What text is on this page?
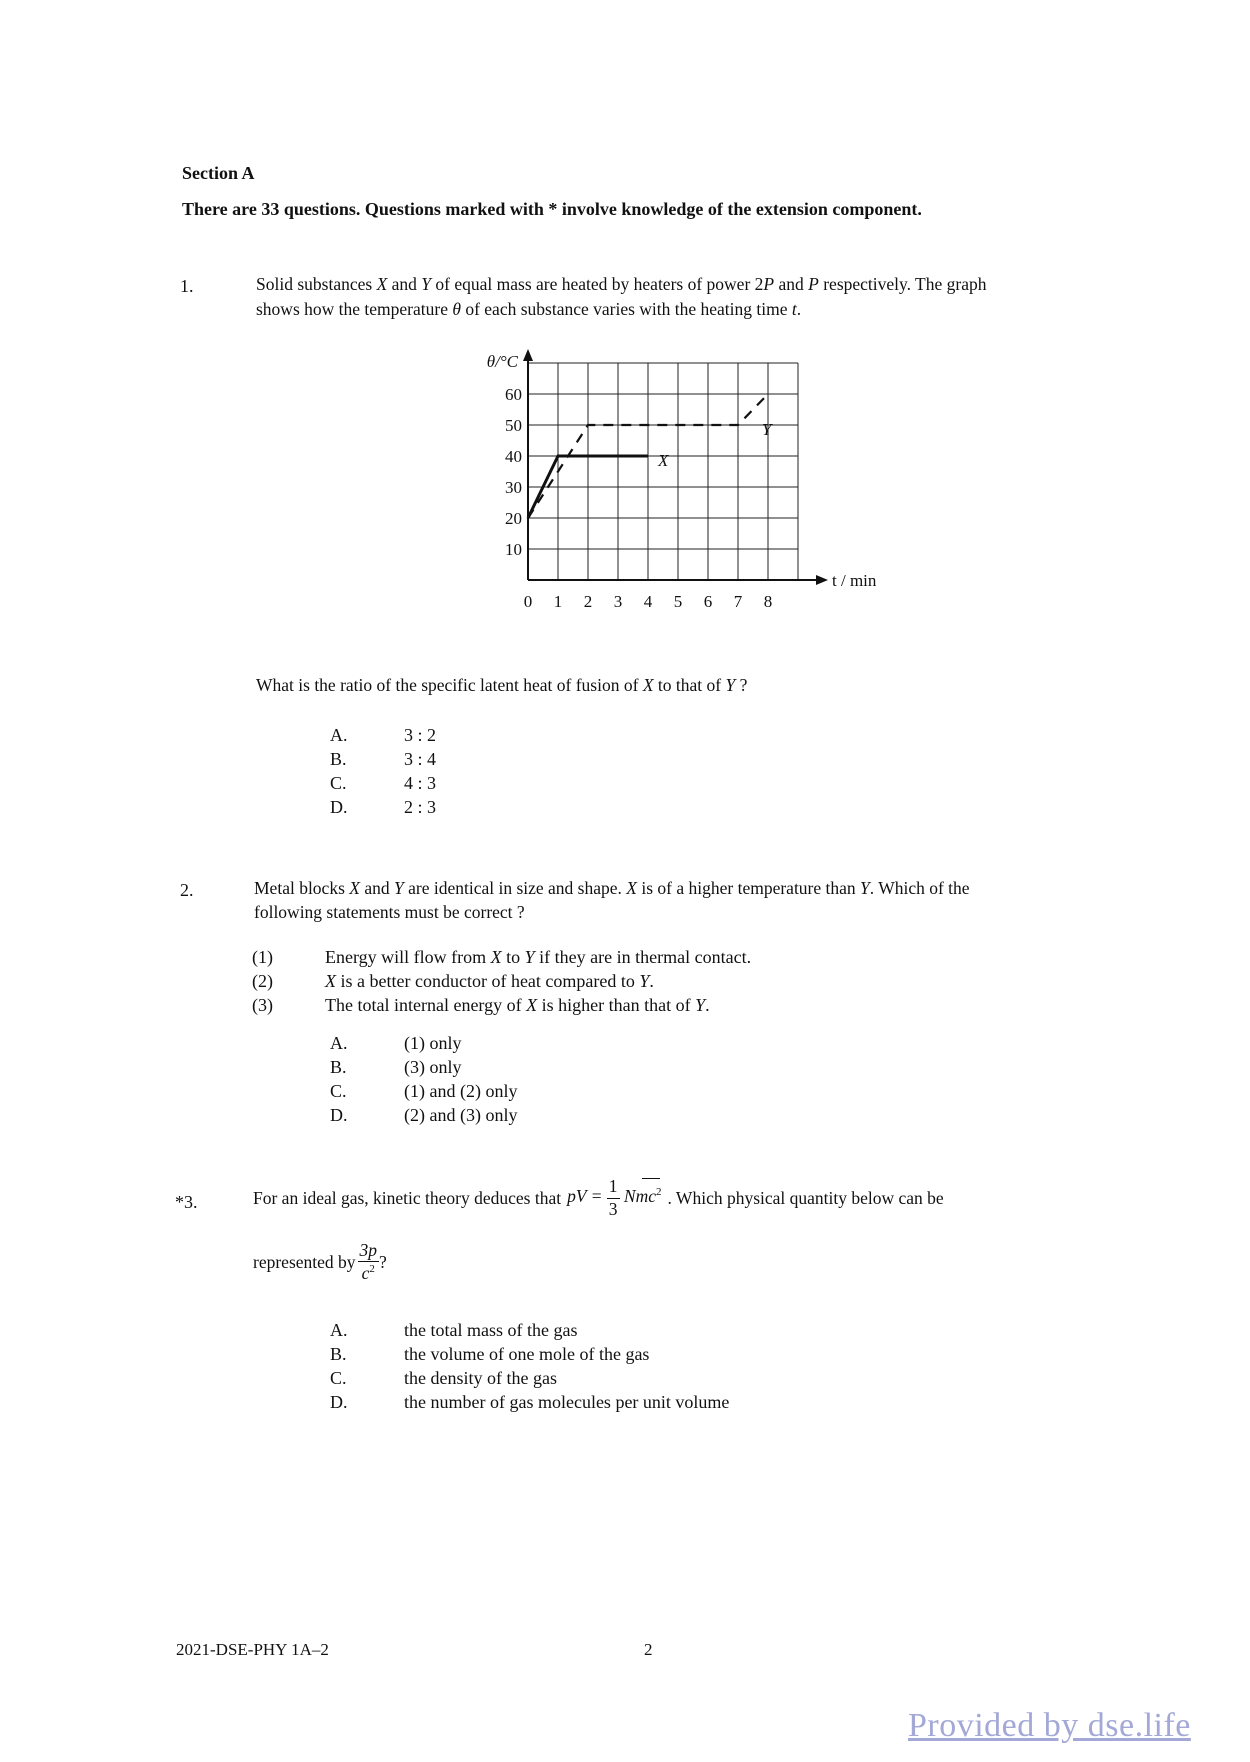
Section A
There are 33 questions. Questions marked with * involve knowledge of the extension component.
1.	Solid substances X and Y of equal mass are heated by heaters of power 2P and P respectively. The graph
shows how the temperature θ of each substance varies with the heating time t.
0 1 2 3 4 5 6 7 8
10
20
30
40
50
60
θ/°C
t / min
X
Y
What is the ratio of the specific latent heat of fusion of X to that of Y ?
A.	3 : 2
B.	3 : 4
C.	4 : 3
D.	2 : 3
2.	Metal blocks X and Y are identical in size and shape. X is of a higher temperature than Y. Which of the
following statements must be correct ?
(1)	Energy will flow from X to Y if they are in thermal contact.
(2)	X is a better conductor of heat compared to Y.
(3)	The total internal energy of X is higher than that of Y.
A.	(1) only
B.	(3) only
C.	(1) and (2) only
D.	(2) and (3) only
*3.	For an ideal gas, kinetic theory deduces that pV = $\frac{1}{3}$ Nmc
$^2$ . Which physical quantity below can be
represented by $\frac{3p}{c^2}$ ?
A.	the total mass of the gas
B.	the volume of one mole of the gas
C.	the density of the gas
D.	the number of gas molecules per unit volume
2021-DSE-PHY 1A–2	2
Provided by dse.life
